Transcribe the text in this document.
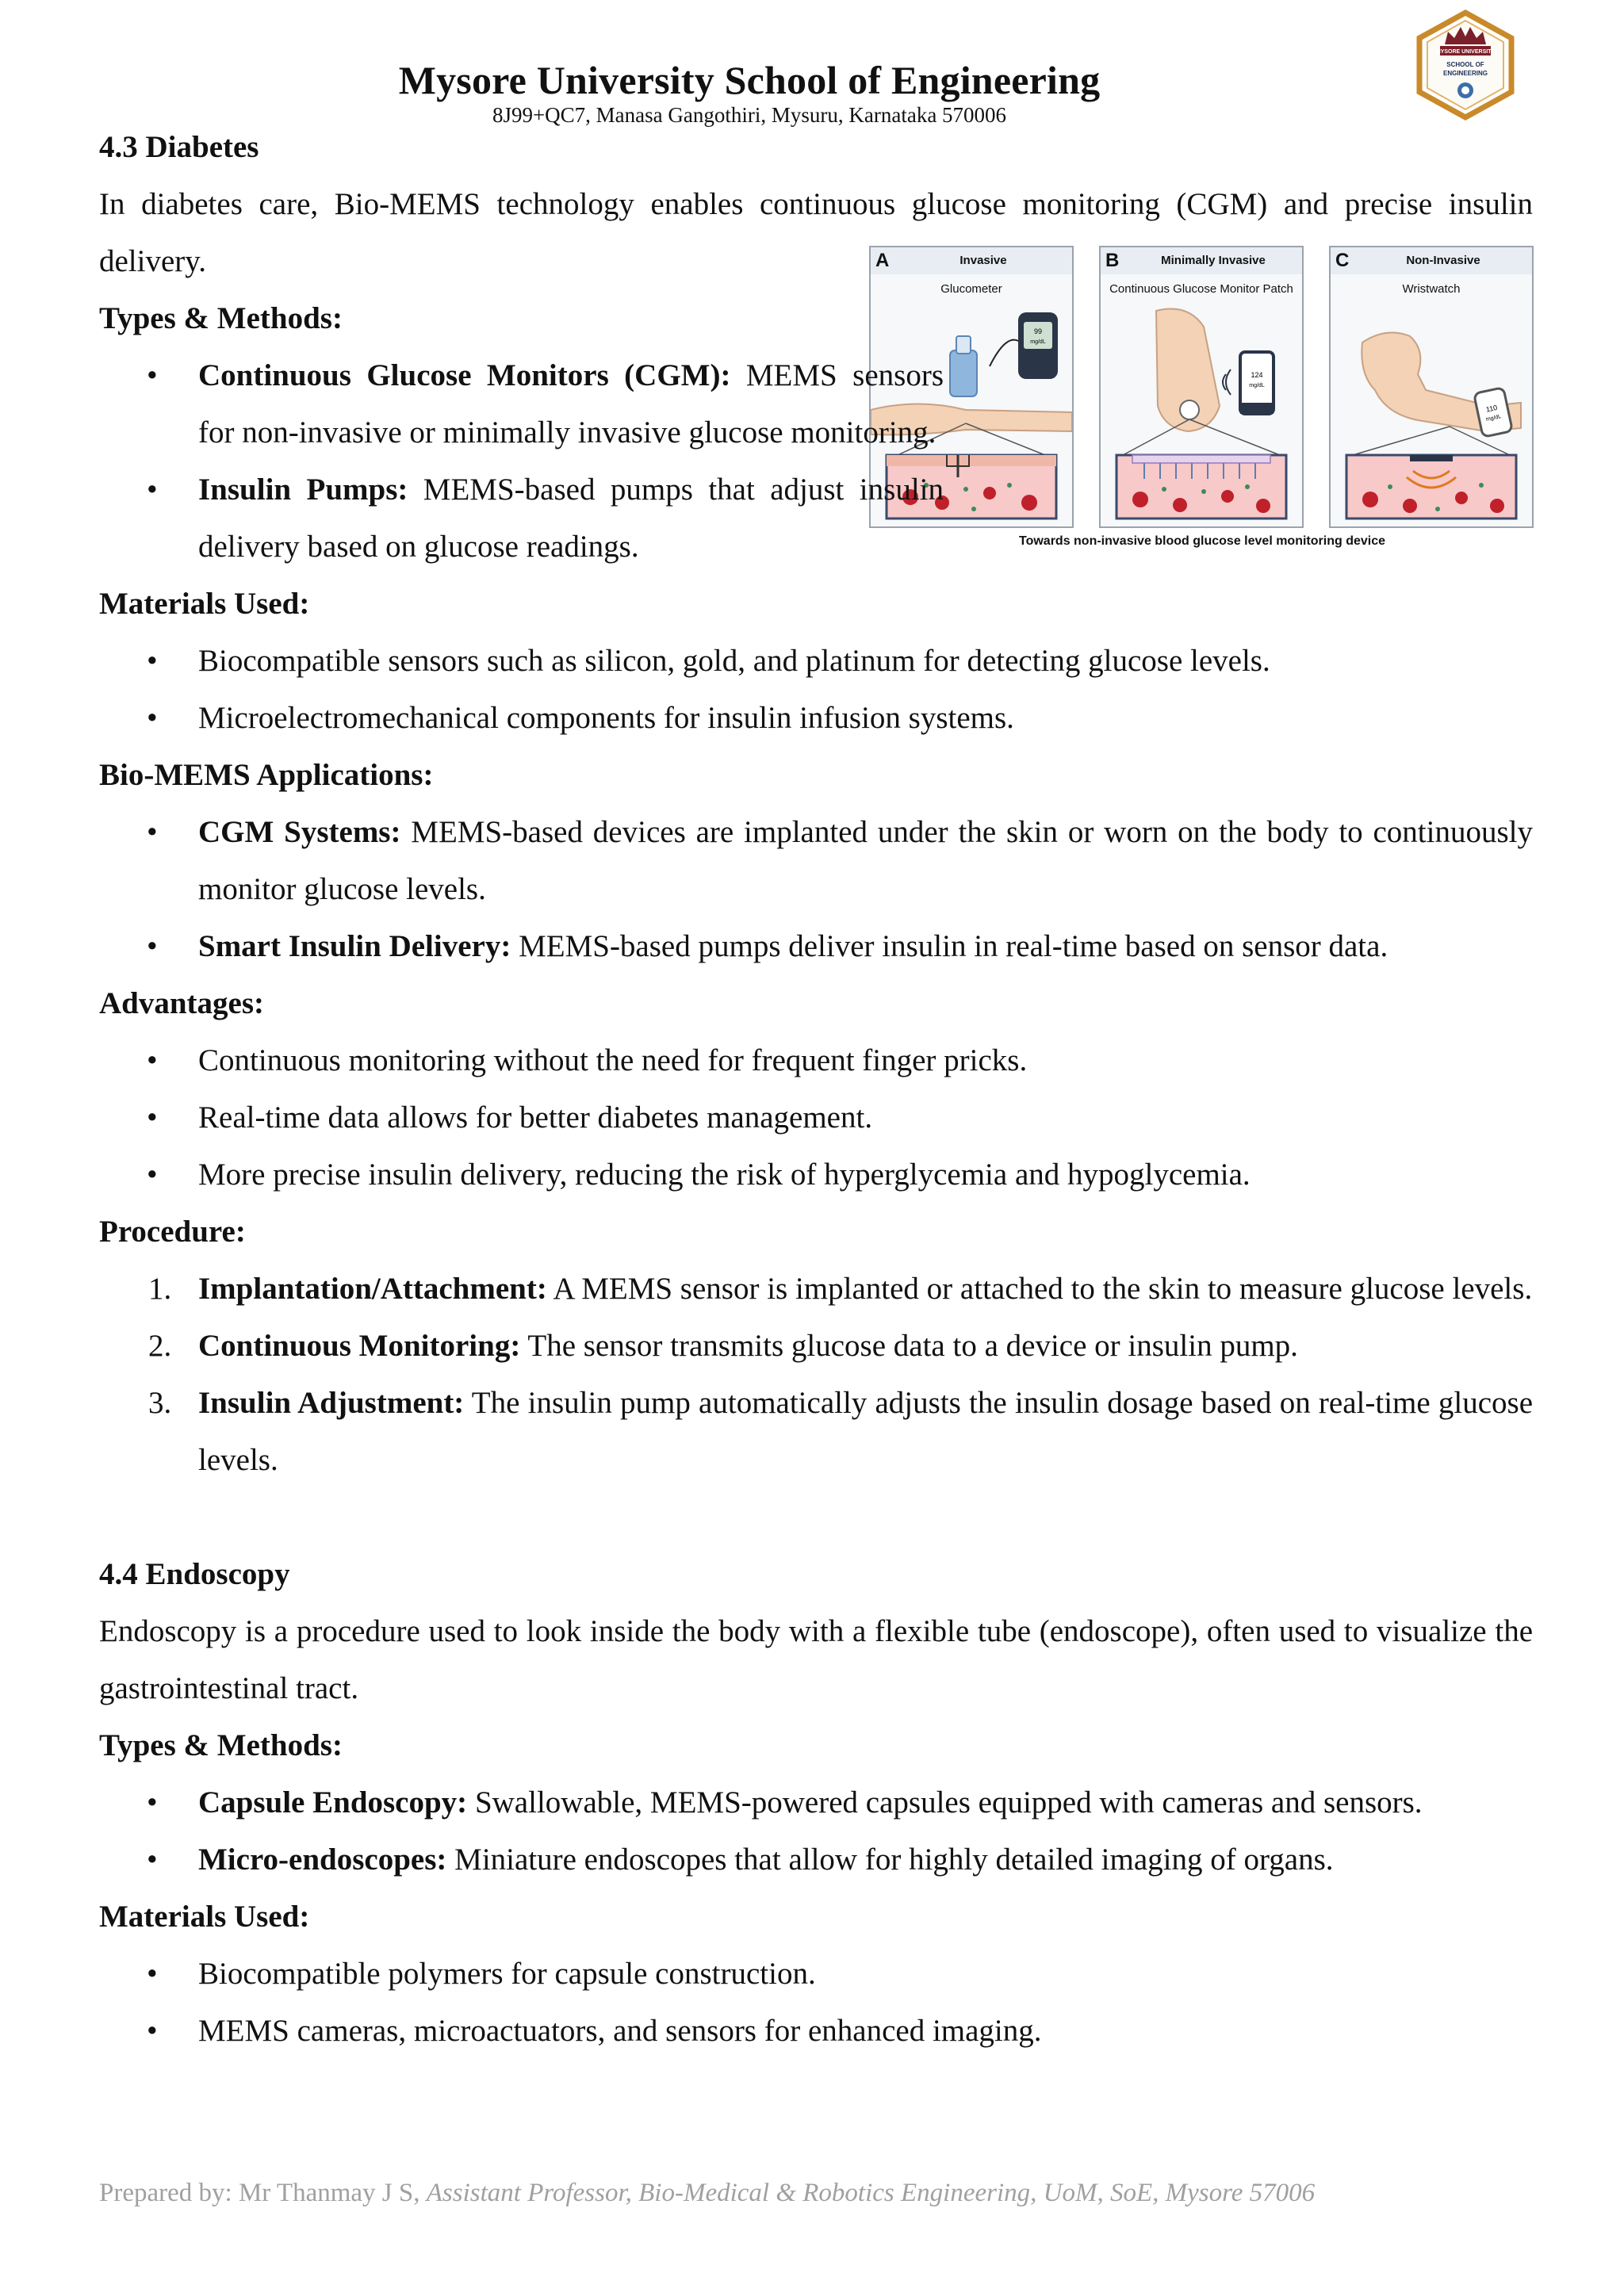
Mysore University School of Engineering
8J99+QC7, Manasa Gangothiri, Mysuru, Karnataka 570006
MYSORE UNIVERSITY
SCHOOL OF
ENGINEERING
A	Invasive
Glucometer
99
mg/dL
B	Minimally Invasive
Continuous Glucose Monitor Patch
124
mg/dL
C	Non-Invasive
Wristwatch
110
mg/dL
Towards non-invasive blood glucose level monitoring device

4.3 Diabetes

In diabetes care, Bio-MEMS technology enables continuous glucose monitoring (CGM) and precise insulin delivery.

Types & Methods:

• Continuous Glucose Monitors (CGM): MEMS sensors for non-invasive or minimally invasive glucose monitoring.
• Insulin Pumps: MEMS-based pumps that adjust insulin delivery based on glucose readings.

Materials Used:

• Biocompatible sensors such as silicon, gold, and platinum for detecting glucose levels.
• Microelectromechanical components for insulin infusion systems.

Bio-MEMS Applications:

• CGM Systems: MEMS-based devices are implanted under the skin or worn on the body to continuously monitor glucose levels.
• Smart Insulin Delivery: MEMS-based pumps deliver insulin in real-time based on sensor data.

Advantages:

• Continuous monitoring without the need for frequent finger pricks.
• Real-time data allows for better diabetes management.
• More precise insulin delivery, reducing the risk of hyperglycemia and hypoglycemia.

Procedure:

1. Implantation/Attachment: A MEMS sensor is implanted or attached to the skin to measure glucose levels.
2. Continuous Monitoring: The sensor transmits glucose data to a device or insulin pump.
3. Insulin Adjustment: The insulin pump automatically adjusts the insulin dosage based on real-time glucose levels.

4.4 Endoscopy

Endoscopy is a procedure used to look inside the body with a flexible tube (endoscope), often used to visualize the gastrointestinal tract.

Types & Methods:

• Capsule Endoscopy: Swallowable, MEMS-powered capsules equipped with cameras and sensors.
• Micro-endoscopes: Miniature endoscopes that allow for highly detailed imaging of organs.

Materials Used:

• Biocompatible polymers for capsule construction.
• MEMS cameras, microactuators, and sensors for enhanced imaging.
Prepared by: Mr Thanmay J S, Assistant Professor, Bio-Medical & Robotics Engineering, UoM, SoE, Mysore 57006
